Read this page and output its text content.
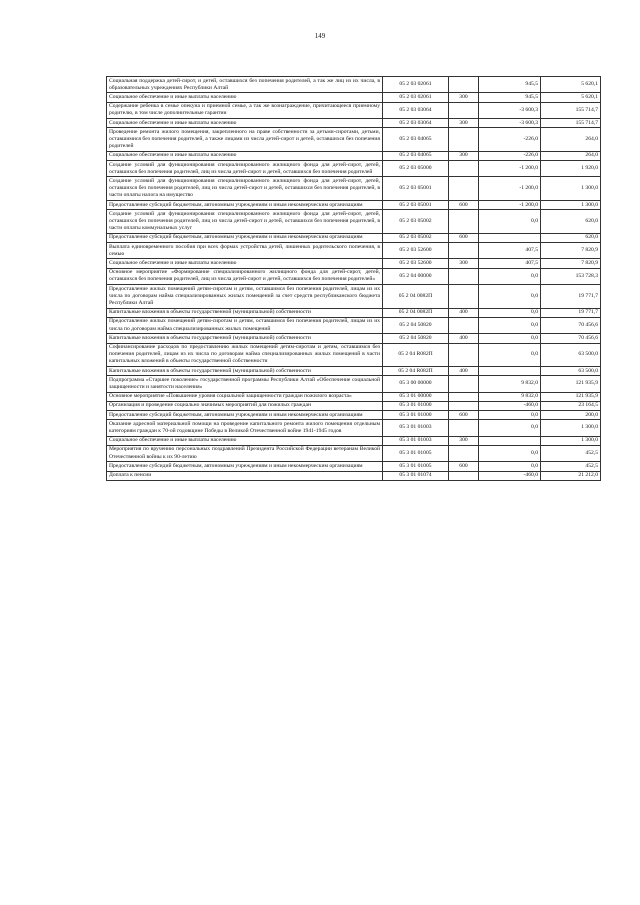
149
Социальная поддержка детей-сирот, и детей, оставшихся без попечения родителей, а так же лиц из их числа, в образовательных учреждениях Республики Алтай	05 2 03 02061		945,5	5 620,1
Социальное обеспечение и иные выплаты населению	05 2 03 02061	300	945,5	5 620,1
Содержание ребенка в семье опекуна и приемной семье, а так же вознаграждение, причитающееся приемному родителю, в том числе дополнительные гарантии	05 2 03 03064		-3 600,3	155 714,7
Социальное обеспечение и иные выплаты населению	05 2 03 03064	300	-3 600,3	155 714,7
Проведение ремонта жилого помещения, закрепленного на праве собственности за детьми-сиротами, детьми, оставшимися без попечения родителей, а также лицами из числа детей-сирот и детей, оставшихся без попечения родителей	05 2 03 04065		-226,0	264,0
Социальное обеспечение и иные выплаты населению	05 2 03 04065	300	-226,0	264,0
Создание условий для функционирования специализированного жилищного фонда для детей-сирот, детей, оставшихся без попечения родителей, лиц из числа детей-сирот и детей, оставшихся без попечения родителей	05 2 03 05000		-1 200,0	1 920,0
Создание условий для функционирования специализированного жилищного фонда для детей-сирот, детей, оставшихся без попечения родителей, лиц из числа детей-сирот и детей, оставшихся без попечения родителей, в части оплаты налога на имущество	05 2 03 05001		-1 200,0	1 300,0
Предоставление субсидий бюджетным, автономным учреждениям и иным некоммерческим организациям	05 2 03 05001	600	-1 200,0	1 300,0
Создание условий для функционирования специализированного жилищного фонда для детей-сирот, детей, оставшихся без попечения родителей, лиц из числа детей-сирот и детей, оставшихся без попечения родителей, в части оплаты коммунальных услуг	05 2 03 05002		0,0	620,0
Предоставление субсидий бюджетным, автономным учреждениям и иным некоммерческим организациям	05 2 03 05002	600		620,0
Выплата единовременного пособия при всех формах устройства детей, лишенных родительского попечения, в семью	05 2 03 52600		407,5	7 820,9
Социальное обеспечение и иные выплаты населению	05 2 03 52600	300	407,5	7 820,9
Основное мероприятие «Формирование специализированного жилищного фонда для детей-сирот, детей, оставшихся без попечения родителей, лиц из числа детей-сирот и детей, оставшихся без попечения родителей»	05 2 04 00000		0,0	153 728,3
Предоставление жилых помещений детям-сиротам и детям, оставшимся без попечения родителей, лицам из их числа по договорам найма специализированных жилых помещений за счет средств республиканского бюджета Республики Алтай	05 2 04 0082П		0,0	19 771,7
Капитальные вложения в объекты государственной (муниципальной) собственности	05 2 04 0082П	400	0,0	19 771,7
Предоставление жилых помещений детям-сиротам и детям, оставшимся без попечения родителей, лицам из их числа по договорам найма специализированных жилых помещений	05 2 04 50820		0,0	70 456,6
Капитальные вложения в объекты государственной (муниципальной) собственности	05 2 04 50820	400	0,0	70 456,6
Софинансирование расходов по предоставлению жилых помещений детям-сиротам и детям, оставшимся без попечения родителей, лицам из их числа по договорам найма специализированных жилых помещений в части капитальных вложений в объекты государственной собственности	05 2 04 R082П		0,0	63 500,0
Капитальные вложения в объекты государственной (муниципальной) собственности	05 2 04 R082П	400		63 500,0
Подпрограмма «Старшее поколение» государственной программы Республики Алтай «Обеспечение социальной защищенности и занятости населения»	05 3 00 00000		9 832,0	121 935,9
Основное мероприятие «Повышение уровня социальной защищенности граждан пожилого возраста»	05 3 01 00000		9 832,0	121 935,9
Организация и проведение социально значимых мероприятий для пожилых граждан	05 3 01 01000		-460,0	23 164,5
Предоставление субсидий бюджетным, автономным учреждениям и иным некоммерческим организациям	05 3 01 01000	600	0,0	200,0
Оказание адресной материальной помощи на проведение капитального ремонта жилого помещения отдельным категориям граждан к 70-ой годовщине Победы в Великой Отечественной войне 1941-1945 годов	05 3 01 01003		0,0	1 300,0
Социальное обеспечение и иные выплаты населению	05 3 01 01003	300		1 300,0
Мероприятия по вручению персональных поздравлений Президента Российской Федерации ветеранам Великой Отечественной войны к их 90-летию	05 3 01 01005		0,0	452,5
Предоставление субсидий бюджетным, автономным учреждениям и иным некоммерческим организациям	05 3 01 01005	600	0,0	452,5
Доплата к пенсии	05 3 01 01074		-460,0	21 212,0
